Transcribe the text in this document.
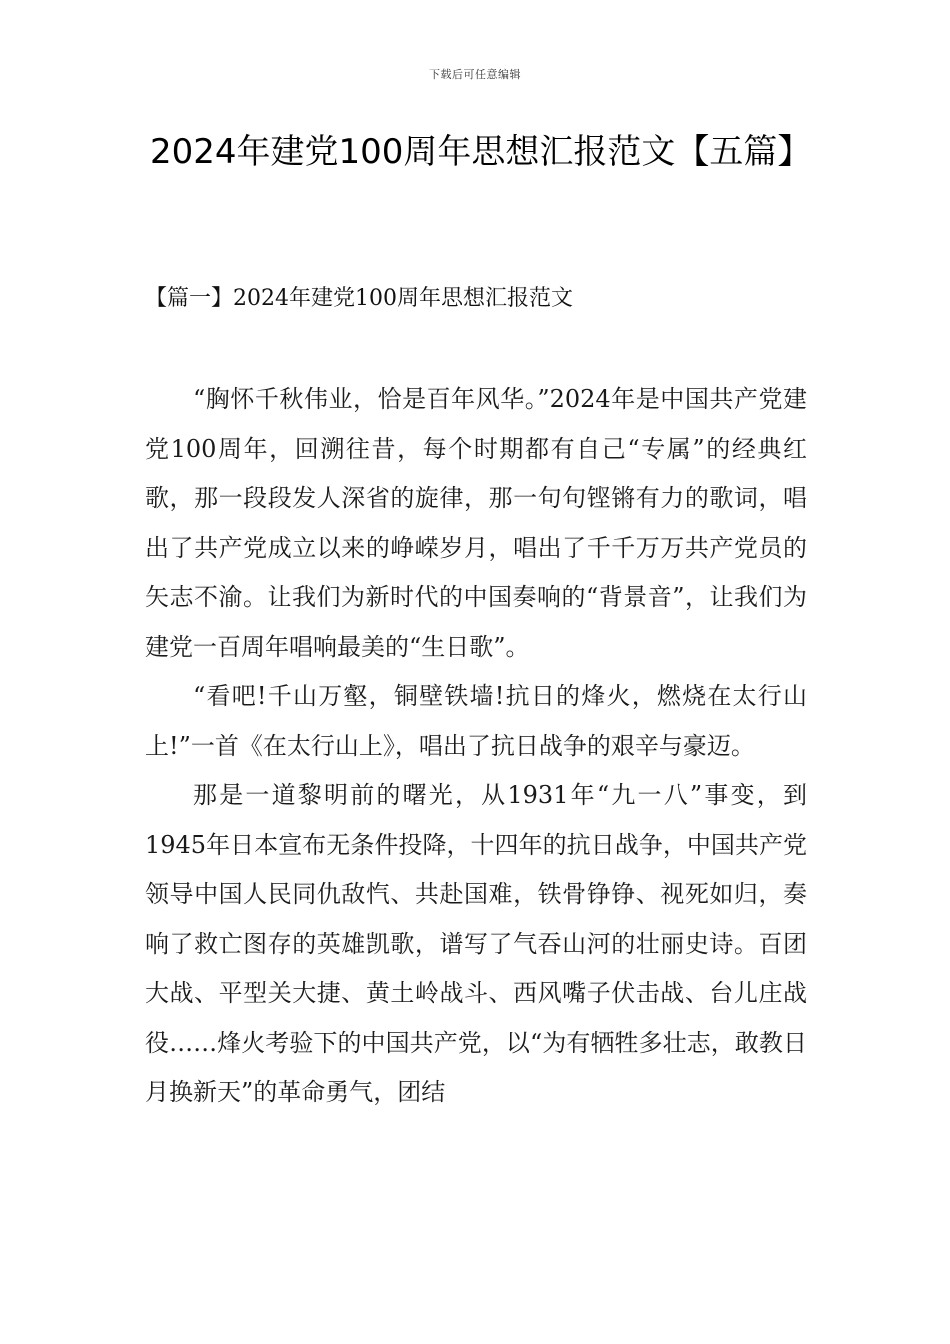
下载后可任意编辑
2024年建党100周年思想汇报范文【五篇】
【篇一】2024年建党100周年思想汇报范文

“胸怀千秋伟业，恰是百年风华。”2024年是中国共产党建党100周年，回溯往昔，每个时期都有自己“专属”的经典红歌，那一段段发人深省的旋律，那一句句铿锵有力的歌词，唱出了共产党成立以来的峥嵘岁月，唱出了千千万万共产党员的矢志不渝。让我们为新时代的中国奏响的“背景音”，让我们为建党一百周年唱响最美的“生日歌”。

“看吧!千山万壑，铜壁铁墙!抗日的烽火，燃烧在太行山上!”一首《在太行山上》，唱出了抗日战争的艰辛与豪迈。

那是一道黎明前的曙光，从1931年“九一八”事变，到1945年日本宣布无条件投降，十四年的抗日战争，中国共产党领导中国人民同仇敌忾、共赴国难，铁骨铮铮、视死如归，奏响了救亡图存的英雄凯歌，谱写了气吞山河的壮丽史诗。百团大战、平型关大捷、黄土岭战斗、西风嘴子伏击战、台儿庄战役……烽火考验下的中国共产党，以“为有牺牲多壮志，敢教日月换新天”的革命勇气，团结
